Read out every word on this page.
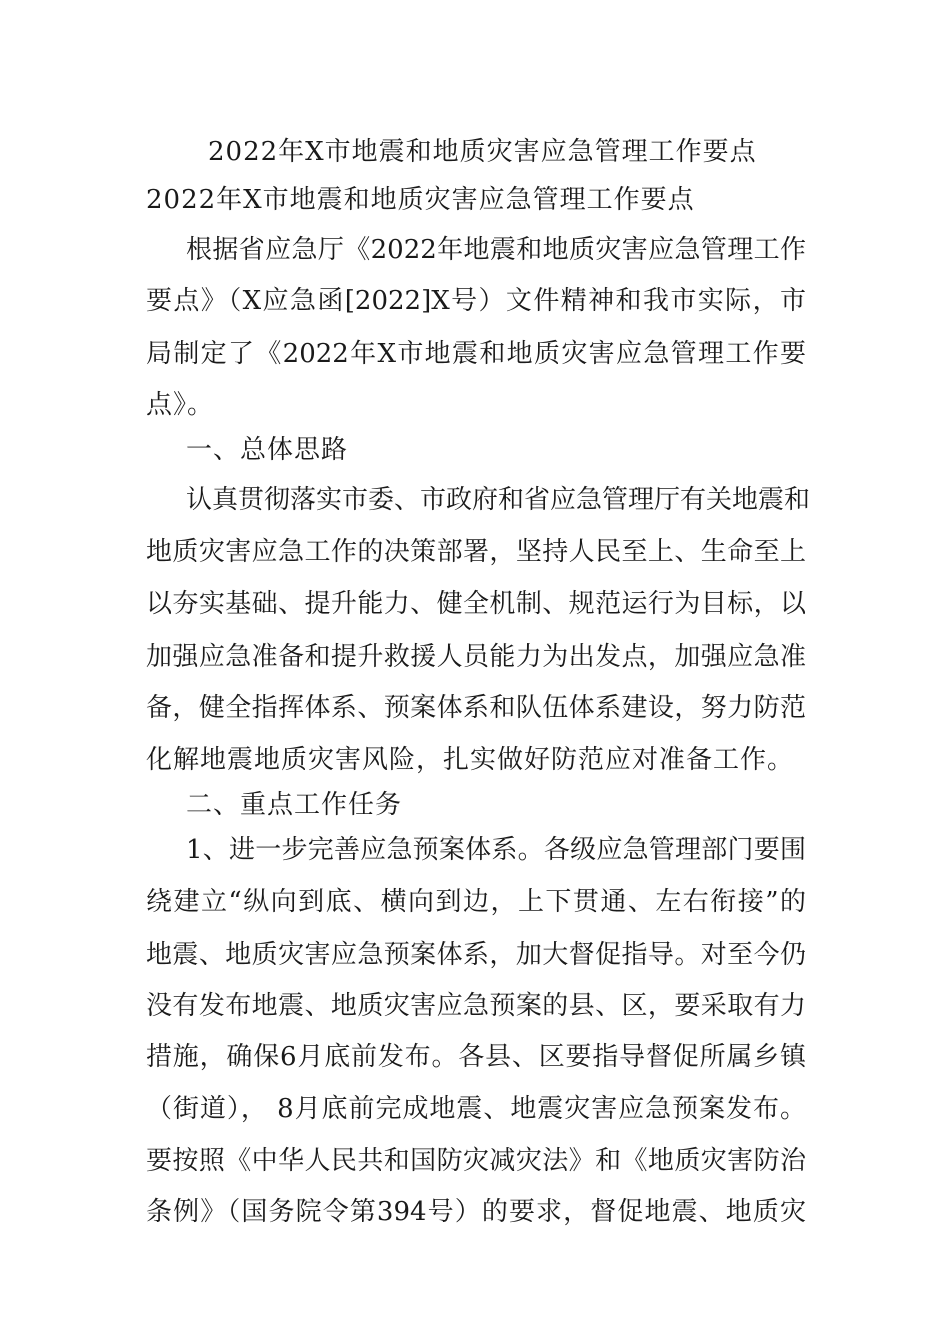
2022年X市地震和地质灾害应急管理工作要点
2022年X市地震和地质灾害应急管理工作要点
根据省应急厅《2022年地震和地质灾害应急管理工作
要点》（X应急函[2022]X号）文件精神和我市实际，市
局制定了《2022年X市地震和地质灾害应急管理工作要
点》。
一、总体思路
认真贯彻落实市委、市政府和省应急管理厅有关地震和
地质灾害应急工作的决策部署，坚持人民至上、生命至上
以夯实基础、提升能力、健全机制、规范运行为目标，以
加强应急准备和提升救援人员能力为出发点，加强应急准
备，健全指挥体系、预案体系和队伍体系建设，努力防范
化解地震地质灾害风险，扎实做好防范应对准备工作。
二、重点工作任务
1、进一步完善应急预案体系。各级应急管理部门要围
绕建立“纵向到底、横向到边，上下贯通、左右衔接”的
地震、地质灾害应急预案体系，加大督促指导。对至今仍
没有发布地震、地质灾害应急预案的县、区，要采取有力
措施，确保6月底前发布。各县、区要指导督促所属乡镇
（街道）， 8月底前完成地震、地震灾害应急预案发布。
要按照《中华人民共和国防灾减灾法》和《地质灾害防治
条例》（国务院令第394号）的要求，督促地震、地质灾
